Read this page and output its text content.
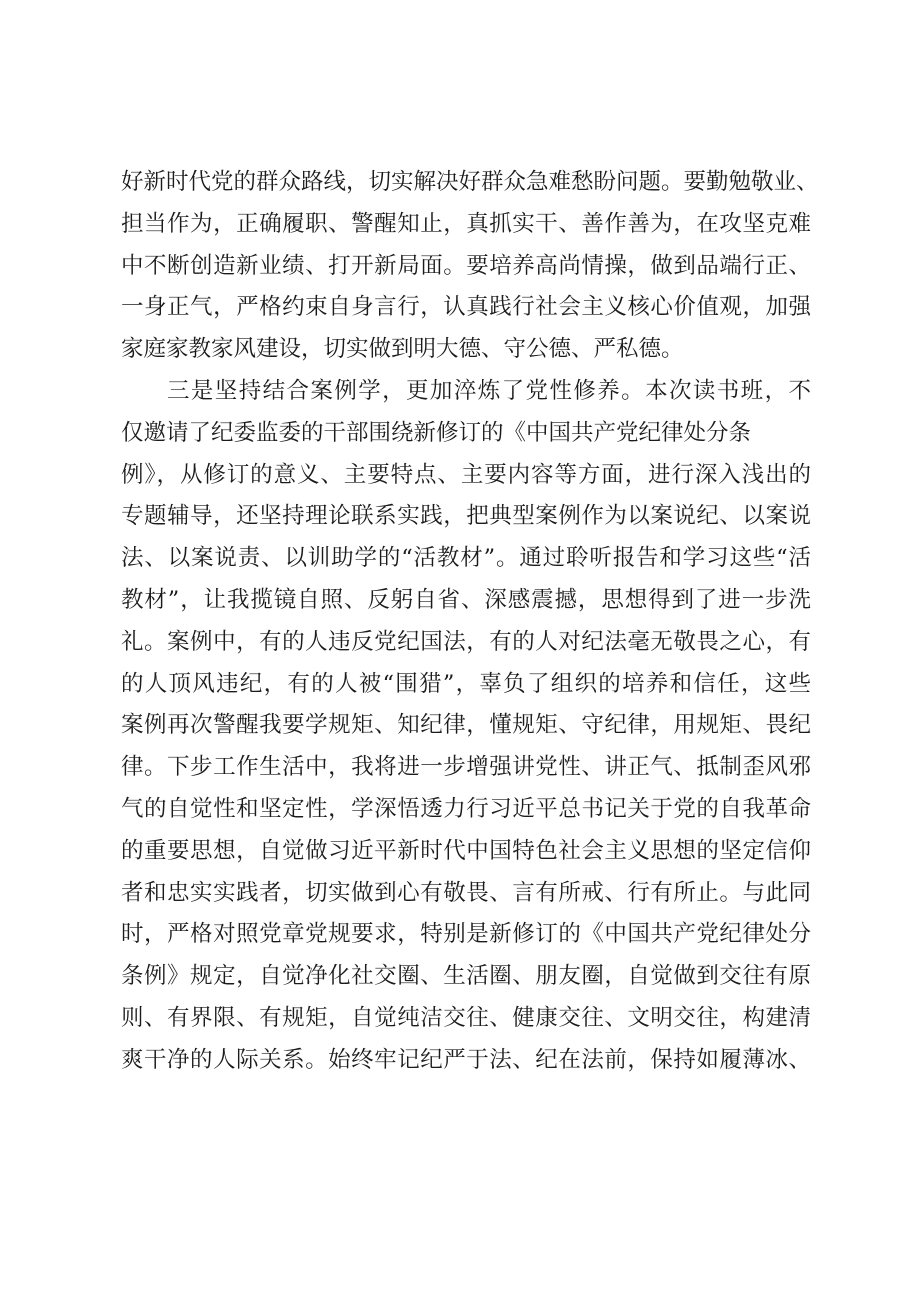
好新时代党的群众路线，切实解决好群众急难愁盼问题。要勤勉敬业、
担当作为，正确履职、警醒知止，真抓实干、善作善为，在攻坚克难
中不断创造新业绩、打开新局面。要培养高尚情操，做到品端行正、
一身正气，严格约束自身言行，认真践行社会主义核心价值观，加强
家庭家教家风建设，切实做到明大德、守公德、严私德。
三是坚持结合案例学，更加淬炼了党性修养。本次读书班，不
仅邀请了纪委监委的干部围绕新修订的《中国共产党纪律处分条
例》，从修订的意义、主要特点、主要内容等方面，进行深入浅出的
专题辅导，还坚持理论联系实践，把典型案例作为以案说纪、以案说
法、以案说责、以训助学的“活教材”。通过聆听报告和学习这些“活
教材”，让我揽镜自照、反躬自省、深感震撼，思想得到了进一步洗
礼。案例中，有的人违反党纪国法，有的人对纪法毫无敬畏之心，有
的人顶风违纪，有的人被“围猎”，辜负了组织的培养和信任，这些
案例再次警醒我要学规矩、知纪律，懂规矩、守纪律，用规矩、畏纪
律。下步工作生活中，我将进一步增强讲党性、讲正气、抵制歪风邪
气的自觉性和坚定性，学深悟透力行习近平总书记关于党的自我革命
的重要思想，自觉做习近平新时代中国特色社会主义思想的坚定信仰
者和忠实实践者，切实做到心有敬畏、言有所戒、行有所止。与此同
时，严格对照党章党规要求，特别是新修订的《中国共产党纪律处分
条例》规定，自觉净化社交圈、生活圈、朋友圈，自觉做到交往有原
则、有界限、有规矩，自觉纯洁交往、健康交往、文明交往，构建清
爽干净的人际关系。始终牢记纪严于法、纪在法前，保持如履薄冰、
